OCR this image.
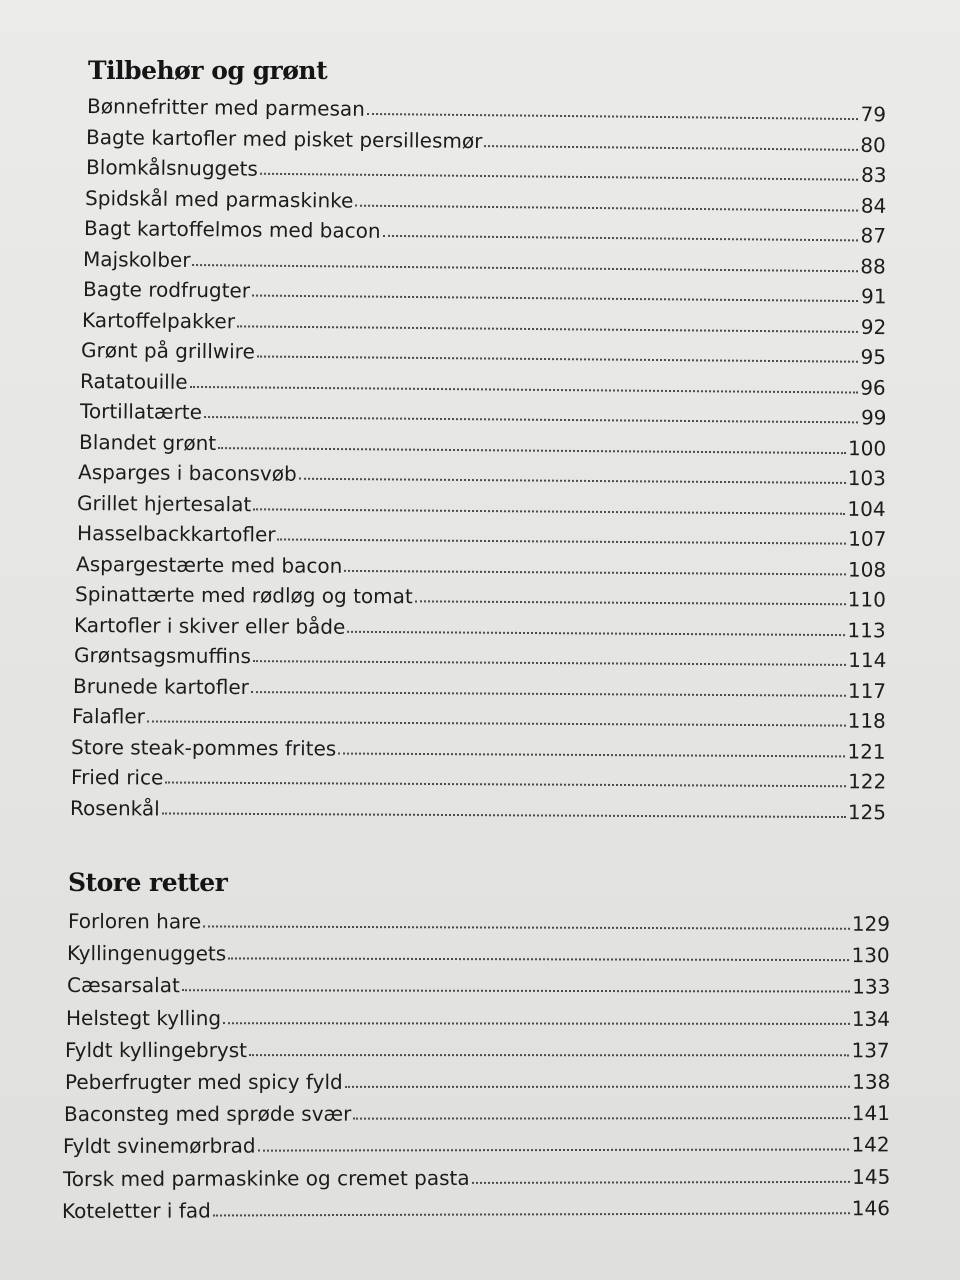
Tilbehør og grønt
Bønnefritter med parmesan	79
Bagte kartofler med pisket persillesmør	80
Blomkålsnuggets	83
Spidskål med parmaskinke	84
Bagt kartoffelmos med bacon	87
Majskolber	88
Bagte rodfrugter	91
Kartoffelpakker	92
Grønt på grillwire	95
Ratatouille	96
Tortillatærte	99
Blandet grønt	100
Asparges i baconsvøb	103
Grillet hjertesalat	104
Hasselbackkartofler	107
Aspargestærte med bacon	108
Spinattærte med rødløg og tomat	110
Kartofler i skiver eller både	113
Grøntsagsmuffins	114
Brunede kartofler	117
Falafler	118
Store steak-pommes frites	121
Fried rice	122
Rosenkål	125
Store retter
Forloren hare	129
Kyllingenuggets	130
Cæsarsalat	133
Helstegt kylling	134
Fyldt kyllingebryst	137
Peberfrugter med spicy fyld	138
Baconsteg med sprøde svær	141
Fyldt svinemørbrad	142
Torsk med parmaskinke og cremet pasta	145
Koteletter i fad	146
